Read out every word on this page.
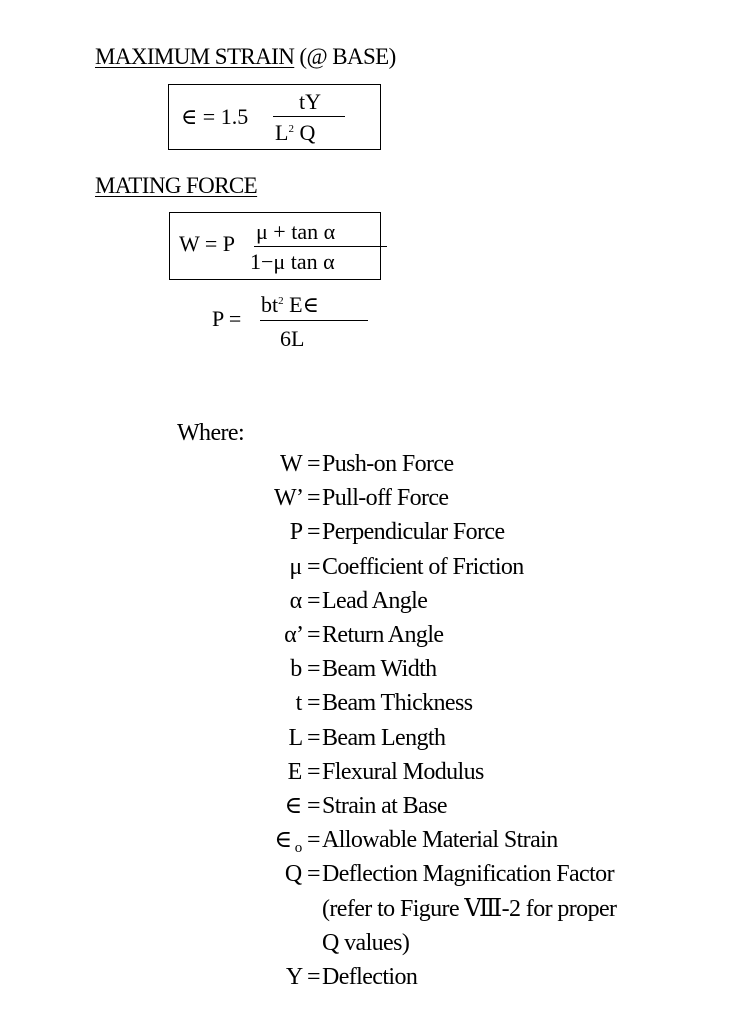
MAXIMUM STRAIN (@ BASE)
∈ = 1.5
tY
$L^2$ Q
MATING FORCE
W = P μ + tan α
1−μ tan α
P =
$bt^2$ E∈
6L
Where:
W = Push-on Force
W’ = Pull-off Force
P = Perpendicular Force
μ = Coefficient of Friction
α = Lead Angle
α’ = Return Angle
b = Beam Width
t = Beam Thickness
L = Beam Length
E = Flexural Modulus
∈ = Strain at Base
∈ $_o$ = Allowable Material Strain
Q = Deflection Magnification Factor
(refer to Figure Ⅷ-2 for proper
Q values)
Y = Deflection
